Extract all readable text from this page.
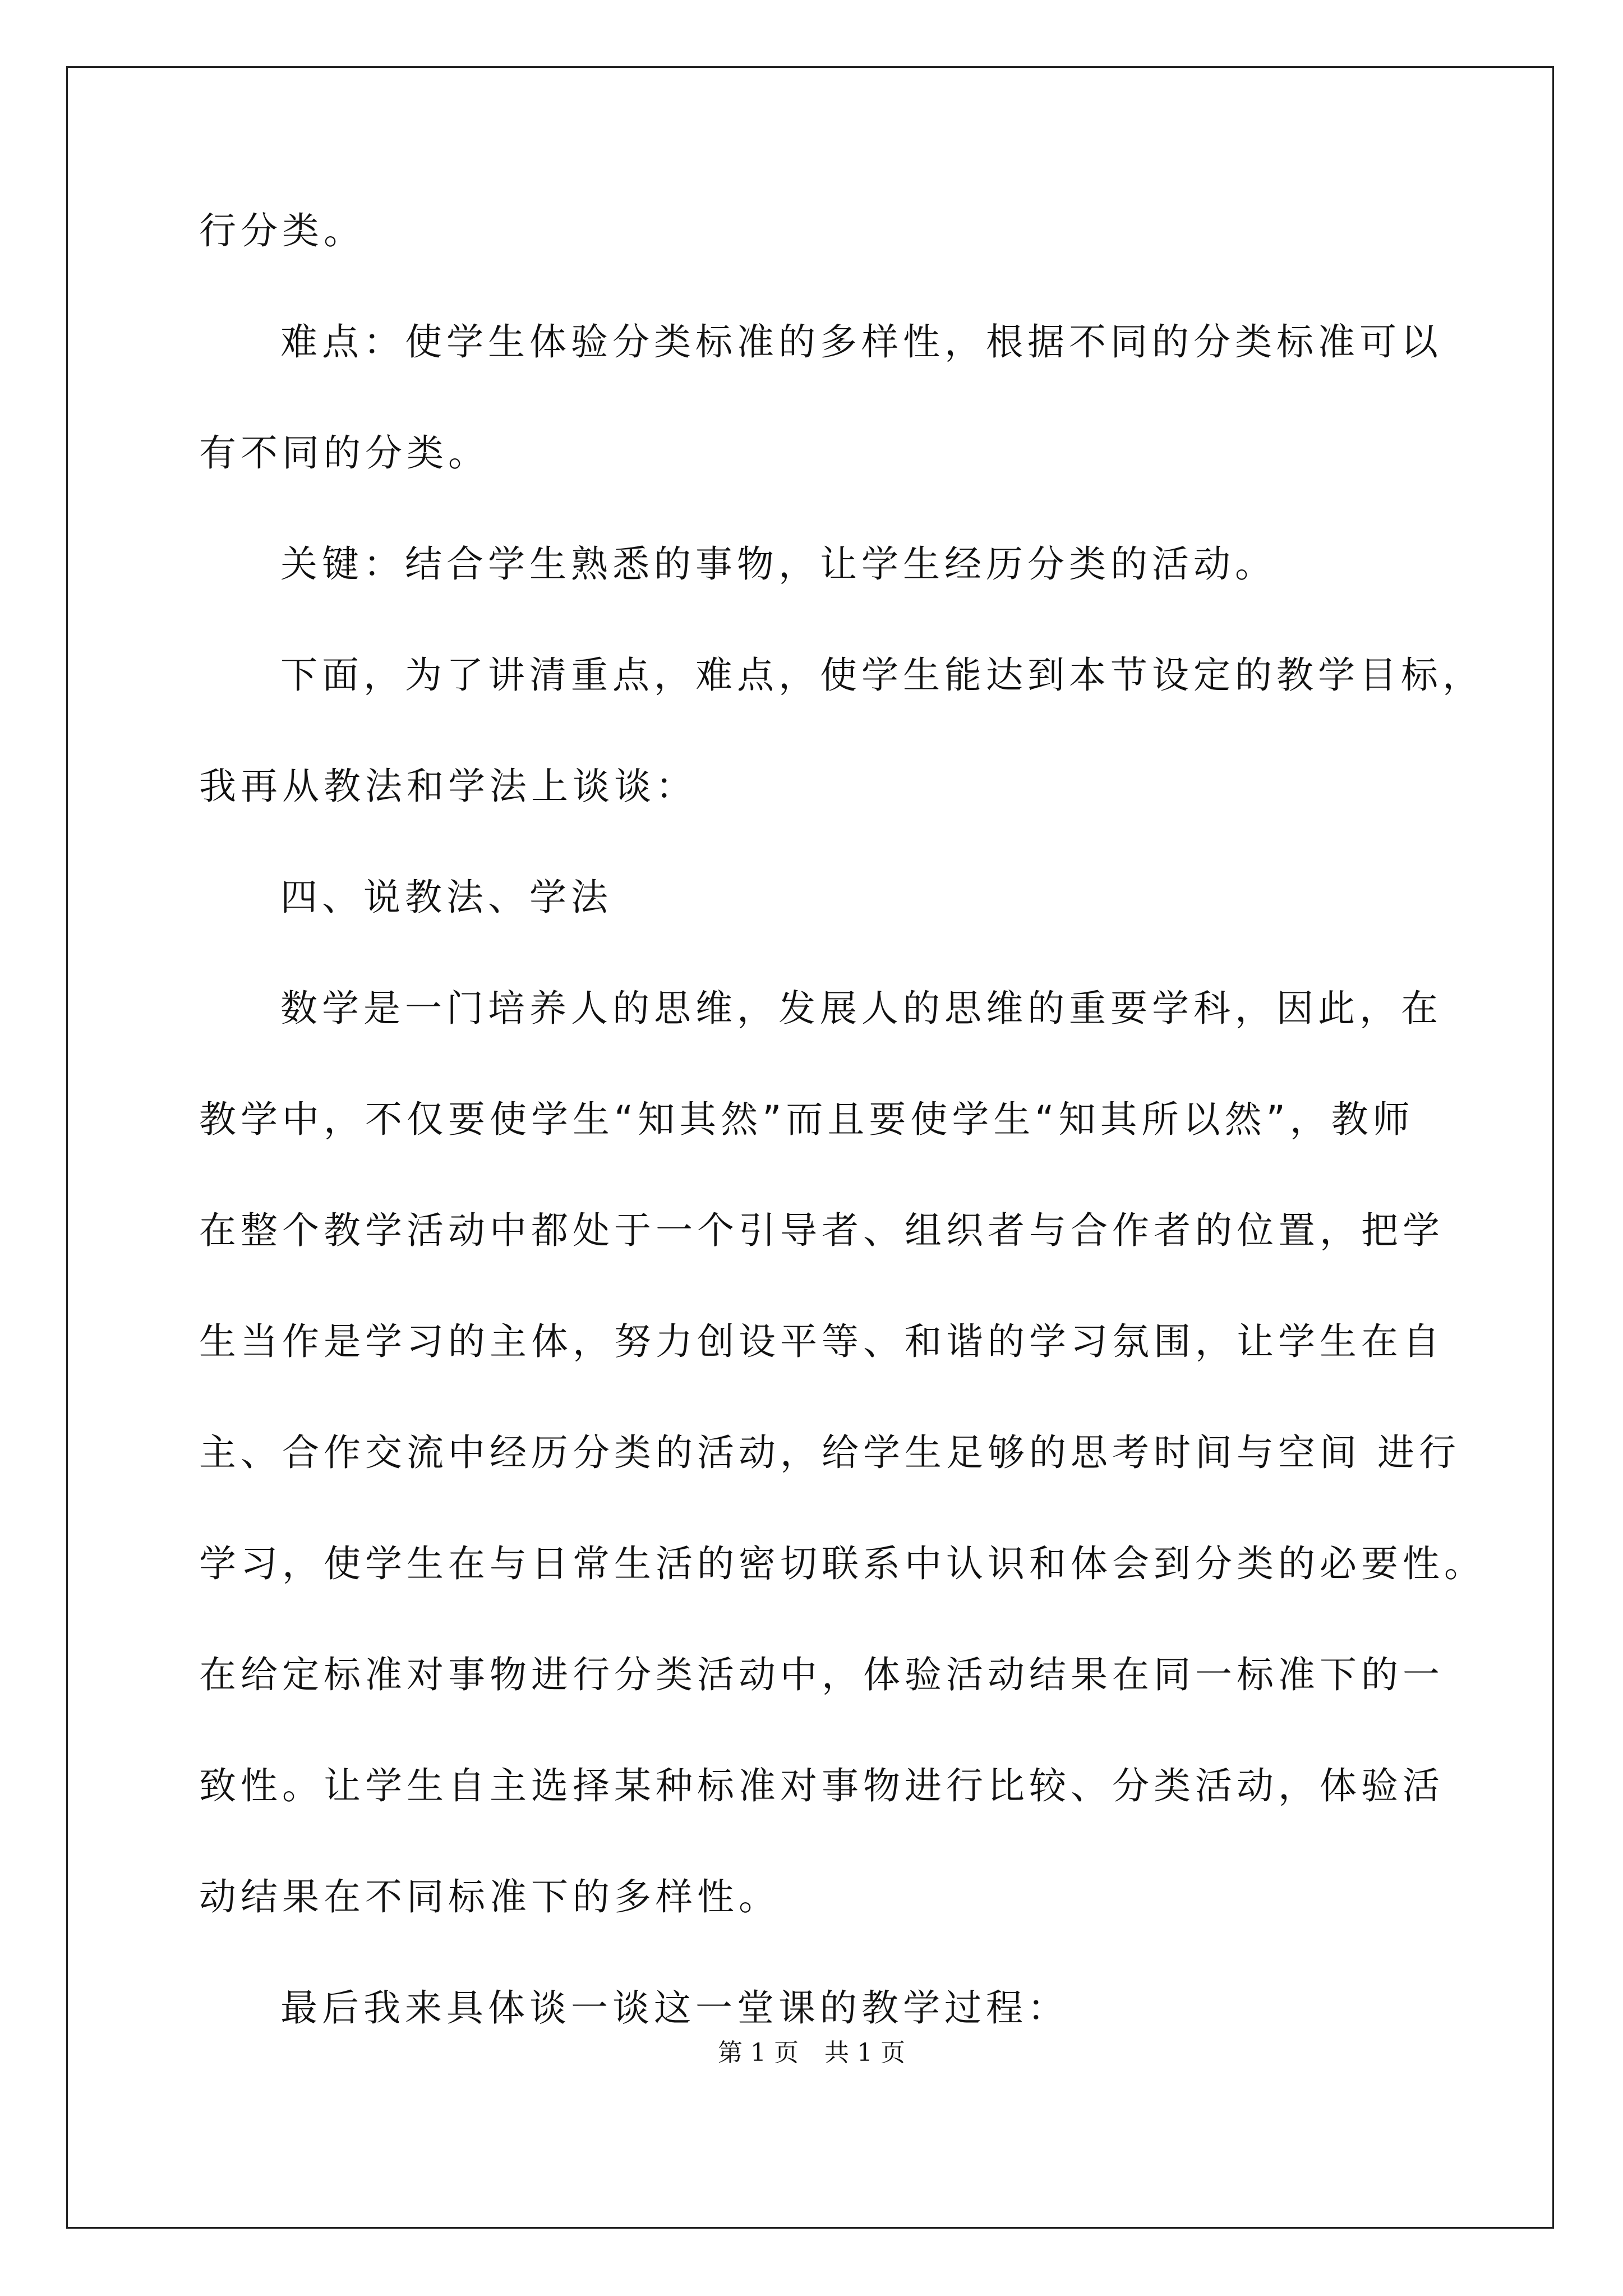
行分类。
难点：使学生体验分类标准的多样性，根据不同的分类标准可以
有不同的分类。
关键：结合学生熟悉的事物，让学生经历分类的活动。
下面，为了讲清重点，难点，使学生能达到本节设定的教学目标，
我再从教法和学法上谈谈：
四、说教法、学法
数学是一门培养人的思维，发展人的思维的重要学科，因此，在
教学中，不仅要使学生“知其然”而且要使学生“知其所以然”，教师
在整个教学活动中都处于一个引导者、组织者与合作者的位置，把学
生当作是学习的主体，努力创设平等、和谐的学习氛围，让学生在自
主、合作交流中经历分类的活动，给学生足够的思考时间与空间 进行
学习，使学生在与日常生活的密切联系中认识和体会到分类的必要性。
在给定标准对事物进行分类活动中，体验活动结果在同一标准下的一
致性。让学生自主选择某种标准对事物进行比较、分类活动，体验活
动结果在不同标准下的多样性。
最后我来具体谈一谈这一堂课的教学过程：
第 1 页 共 1 页
